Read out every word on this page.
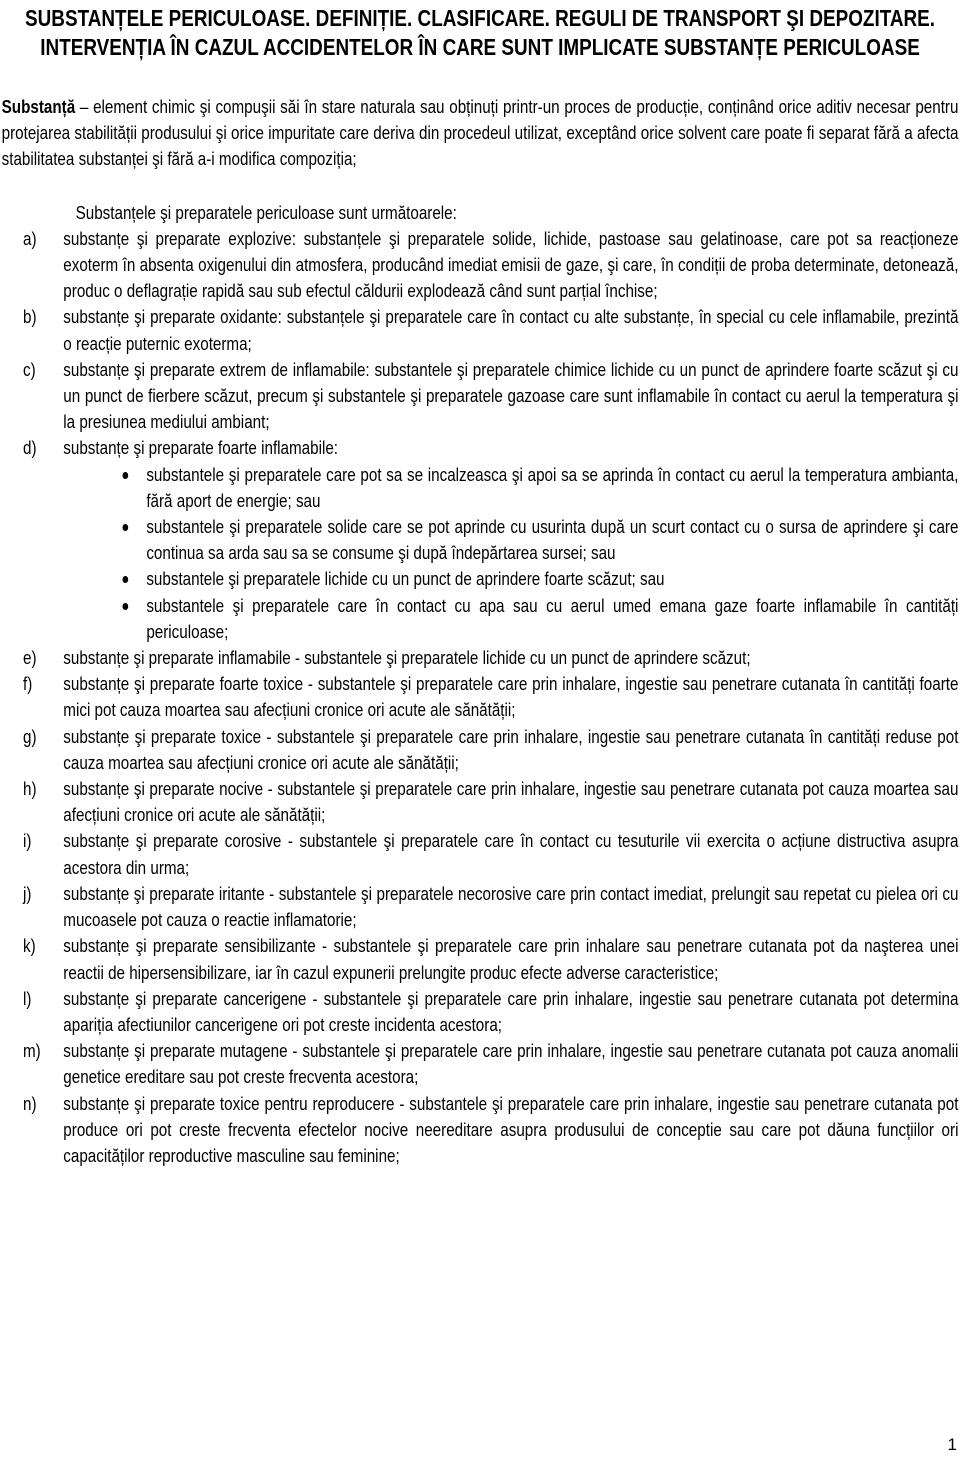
SUBSTANȚELE PERICULOASE. DEFINIȚIE. CLASIFICARE. REGULI DE TRANSPORT ŞI DEPOZITARE. INTERVENȚIA ÎN CAZUL ACCIDENTELOR ÎN CARE SUNT IMPLICATE SUBSTANȚE PERICULOASE
Substanță – element chimic şi compuşii săi în stare naturala sau obținuți printr-un proces de producție, conținând orice aditiv necesar pentru protejarea stabilității produsului şi orice impuritate care deriva din procedeul utilizat, exceptând orice solvent care poate fi separat fără a afecta stabilitatea substanței şi fără a-i modifica compoziția;
Substanțele şi preparatele periculoase sunt următoarele:
a) substanțe şi preparate explozive: substanțele şi preparatele solide, lichide, pastoase sau gelatinoase, care pot sa reacționeze exoterm în absenta oxigenului din atmosfera, producând imediat emisii de gaze, şi care, în condiții de proba determinate, detonează, produc o deflagrație rapidă sau sub efectul căldurii explodează când sunt parțial închise;
b) substanțe şi preparate oxidante: substanțele şi preparatele care în contact cu alte substanțe, în special cu cele inflamabile, prezintă o reacție puternic exoterma;
c) substanțe şi preparate extrem de inflamabile: substantele şi preparatele chimice lichide cu un punct de aprindere foarte scăzut şi cu un punct de fierbere scăzut, precum şi substantele şi preparatele gazoase care sunt inflamabile în contact cu aerul la temperatura şi la presiunea mediului ambiant;
d) substanțe şi preparate foarte inflamabile:
substantele şi preparatele care pot sa se incalzeasca şi apoi sa se aprinda în contact cu aerul la temperatura ambianta, fără aport de energie; sau
substantele şi preparatele solide care se pot aprinde cu usurinta după un scurt contact cu o sursa de aprindere şi care continua sa arda sau sa se consume şi după îndepărtarea sursei; sau
substantele şi preparatele lichide cu un punct de aprindere foarte scăzut; sau
substantele şi preparatele care în contact cu apa sau cu aerul umed emana gaze foarte inflamabile în cantități periculoase;
e) substanțe şi preparate inflamabile - substantele şi preparatele lichide cu un punct de aprindere scăzut;
f) substanțe şi preparate foarte toxice - substantele şi preparatele care prin inhalare, ingestie sau penetrare cutanata în cantități foarte mici pot cauza moartea sau afecțiuni cronice ori acute ale sănătății;
g) substanțe şi preparate toxice - substantele şi preparatele care prin inhalare, ingestie sau penetrare cutanata în cantități reduse pot cauza moartea sau afecțiuni cronice ori acute ale sănătății;
h) substanțe şi preparate nocive - substantele şi preparatele care prin inhalare, ingestie sau penetrare cutanata pot cauza moartea sau afecțiuni cronice ori acute ale sănătății;
i) substanțe şi preparate corosive - substantele şi preparatele care în contact cu tesuturile vii exercita o acțiune distructiva asupra acestora din urma;
j) substanțe şi preparate iritante - substantele şi preparatele necorosive care prin contact imediat, prelungit sau repetat cu pielea ori cu mucoasele pot cauza o reactie inflamatorie;
k) substanțe şi preparate sensibilizante - substantele şi preparatele care prin inhalare sau penetrare cutanata pot da naşterea unei reactii de hipersensibilizare, iar în cazul expunerii prelungite produc efecte adverse caracteristice;
l) substanțe şi preparate cancerigene - substantele şi preparatele care prin inhalare, ingestie sau penetrare cutanata pot determina apariția afectiunilor cancerigene ori pot creste incidenta acestora;
m) substanțe şi preparate mutagene - substantele şi preparatele care prin inhalare, ingestie sau penetrare cutanata pot cauza anomalii genetice ereditare sau pot creste frecventa acestora;
n) substanțe şi preparate toxice pentru reproducere - substantele şi preparatele care prin inhalare, ingestie sau penetrare cutanata pot produce ori pot creste frecventa efectelor nocive neereditare asupra produsului de conceptie sau care pot dăuna funcțiilor ori capacităților reproductive masculine sau feminine;
1
